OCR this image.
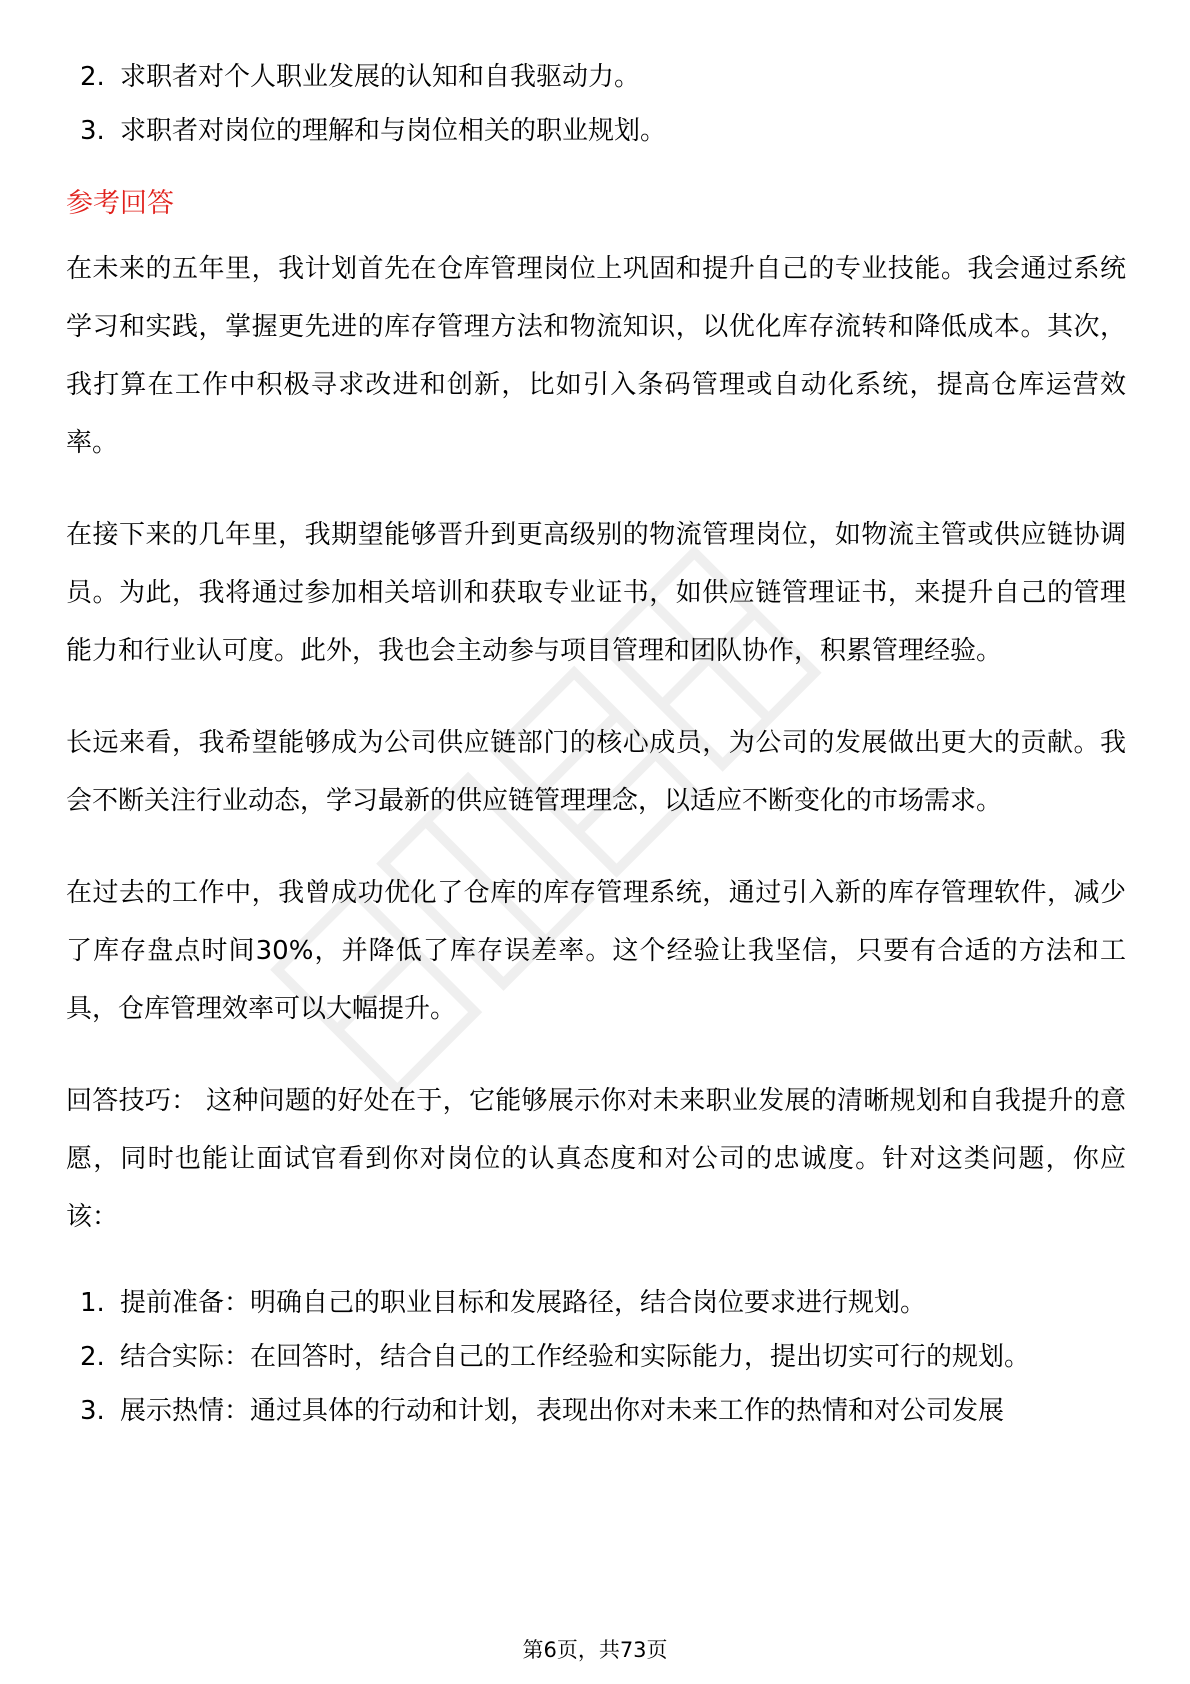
2. 求职者对个人职业发展的认知和自我驱动力。
3. 求职者对岗位的理解和与岗位相关的职业规划。
参考回答

在未来的五年里，我计划首先在仓库管理岗位上巩固和提升自己的专业技能。我会通过系统学习和实践，掌握更先进的库存管理方法和物流知识，以优化库存流转和降低成本。其次，我打算在工作中积极寻求改进和创新，比如引入条码管理或自动化系统，提高仓库运营效率。

在接下来的几年里，我期望能够晋升到更高级别的物流管理岗位，如物流主管或供应链协调员。为此，我将通过参加相关培训和获取专业证书，如供应链管理证书，来提升自己的管理能力和行业认可度。此外，我也会主动参与项目管理和团队协作，积累管理经验。

长远来看，我希望能够成为公司供应链部门的核心成员，为公司的发展做出更大的贡献。我会不断关注行业动态，学习最新的供应链管理理念，以适应不断变化的市场需求。

在过去的工作中，我曾成功优化了仓库的库存管理系统，通过引入新的库存管理软件，减少了库存盘点时间30%，并降低了库存误差率。这个经验让我坚信，只要有合适的方法和工具，仓库管理效率可以大幅提升。

回答技巧： 这种问题的好处在于，它能够展示你对未来职业发展的清晰规划和自我提升的意愿，同时也能让面试官看到你对岗位的认真态度和对公司的忠诚度。针对这类问题，你应该：

1. 提前准备：明确自己的职业目标和发展路径，结合岗位要求进行规划。
2. 结合实际：在回答时，结合自己的工作经验和实际能力，提出切实可行的规划。
3. 展示热情：通过具体的行动和计划，表现出你对未来工作的热情和对公司发展
第6页，共73页
